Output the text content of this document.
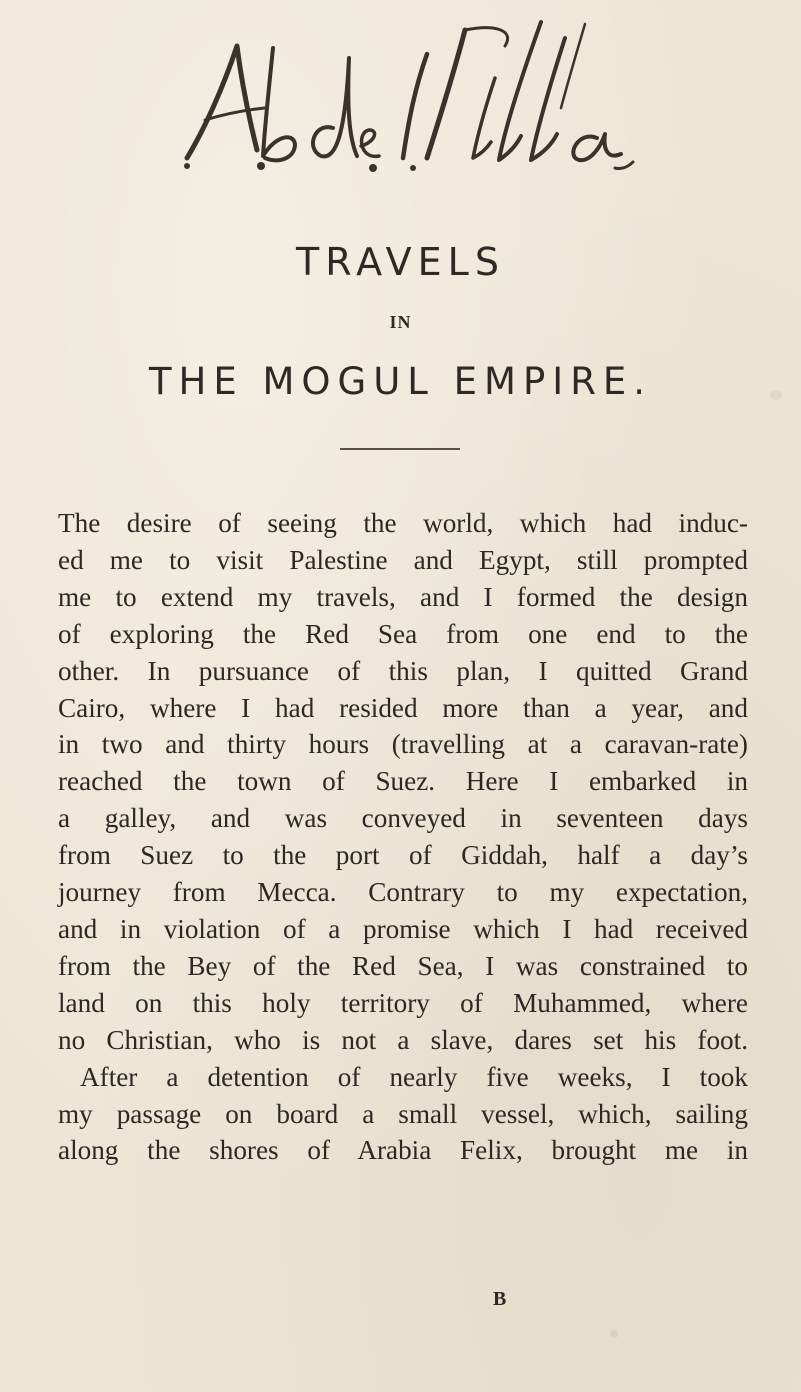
TRAVELS
IN
THE MOGUL EMPIRE.
The desire of seeing the world, which had induc-
ed me to visit Palestine and Egypt, still prompted
me to extend my travels, and I formed the design
of exploring the Red Sea from one end to the
other. In pursuance of this plan, I quitted Grand
Cairo, where I had resided more than a year, and
in two and thirty hours (travelling at a caravan-rate)
reached the town of Suez. Here I embarked in
a galley, and was conveyed in seventeen days
from Suez to the port of Giddah, half a day’s
journey from Mecca. Contrary to my expectation,
and in violation of a promise which I had received
from the Bey of the Red Sea, I was constrained to
land on this holy territory of Muhammed, where
no Christian, who is not a slave, dares set his foot.
After a detention of nearly five weeks, I took
my passage on board a small vessel, which, sailing
along the shores of Arabia Felix, brought me in
B
